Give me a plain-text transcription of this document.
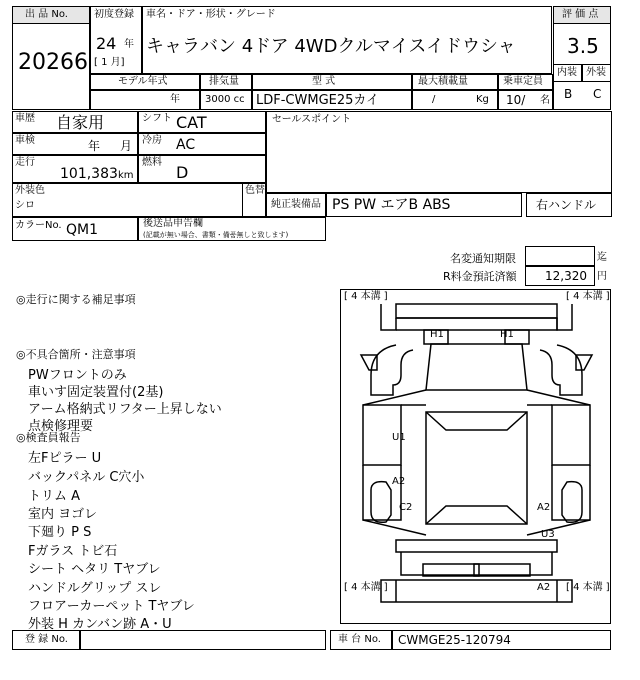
出 品 No.
20266
初度登録
24 年
[ 1 月]
車名・ドア・形状・グレード
キャラバン 4ドア 4WDクルマイスイドウシャ
評 価 点
3.5
内装 外装
B C
モデル年式
年
排気量
3000 cc
型 式
LDF-CWMGE25カイ
最大積載量
/	Kg
乗車定員
10/ 名
車歴 自家用
車検	年 月
走行
101,383 km
シフト CAT
冷房 AC
燃料
D
セールスポイント
外装色
シロ
色替
純正装備品 PS PW エアB ABS	右ハンドル
カラーNo. QM1	後送品申告欄
(記載が無い場合、書類・備품無しと致します)
名変通知期限	迄
R料金預託済額 12,320 円
◎走行に関する補足事項
◎不具合箇所・注意事項
PWフロントのみ
車いす固定装置付(2基)
アーム格納式リフター上昇しない
点検修理要
◎検査員報告
左Fピラー U
バックパネル C穴小
トリム A
室内 ヨゴレ
下廻り P S
Fガラス トビ石
シート ヘタリ Tヤブレ
ハンドルグリップ スレ
フロアーカーペット Tヤブレ
外装 H カンバン跡 A・U
[ 4 本溝 ]	[ 4 本溝 ]
[ 4 本溝 ]	[ 4 本溝 ]
H1	H1
U1
A2
C2	A2
U3
A2
登 録 No.	車 台 No. CWMGE25-120794
